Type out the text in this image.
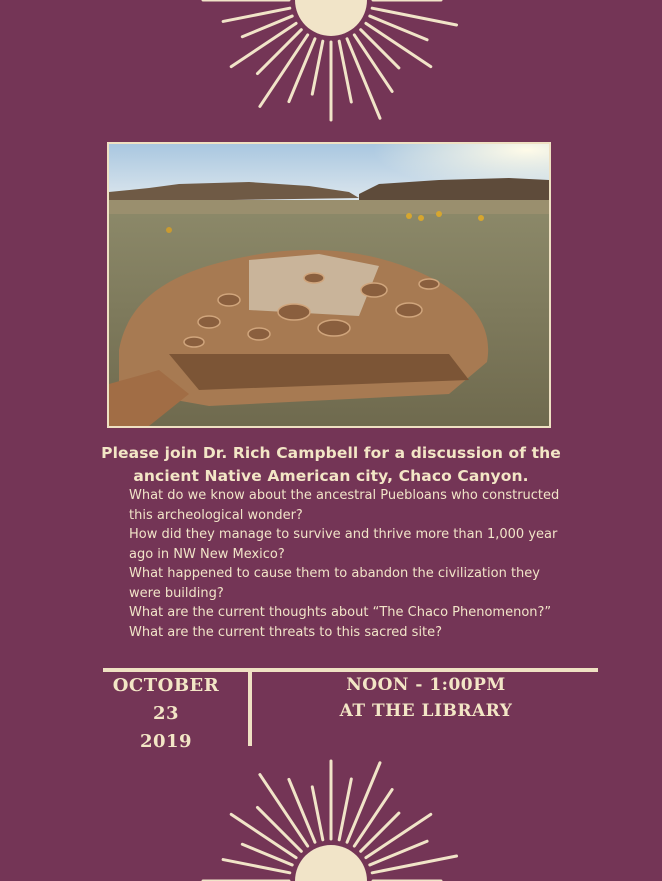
Please join Dr. Rich Campbell for a discussion of the
ancient Native American city, Chaco Canyon.
What do we know about the ancestral Puebloans who constructed this archeological wonder?
How did they manage to survive and thrive more than 1,000 year ago in NW New Mexico?
What happened to cause them to abandon the civilization they were building?
What are the current thoughts about “The Chaco Phenomenon?”
What are the current threats to this sacred site?
OCTOBER
23
2019
NOON - 1:00PM
AT THE LIBRARY
